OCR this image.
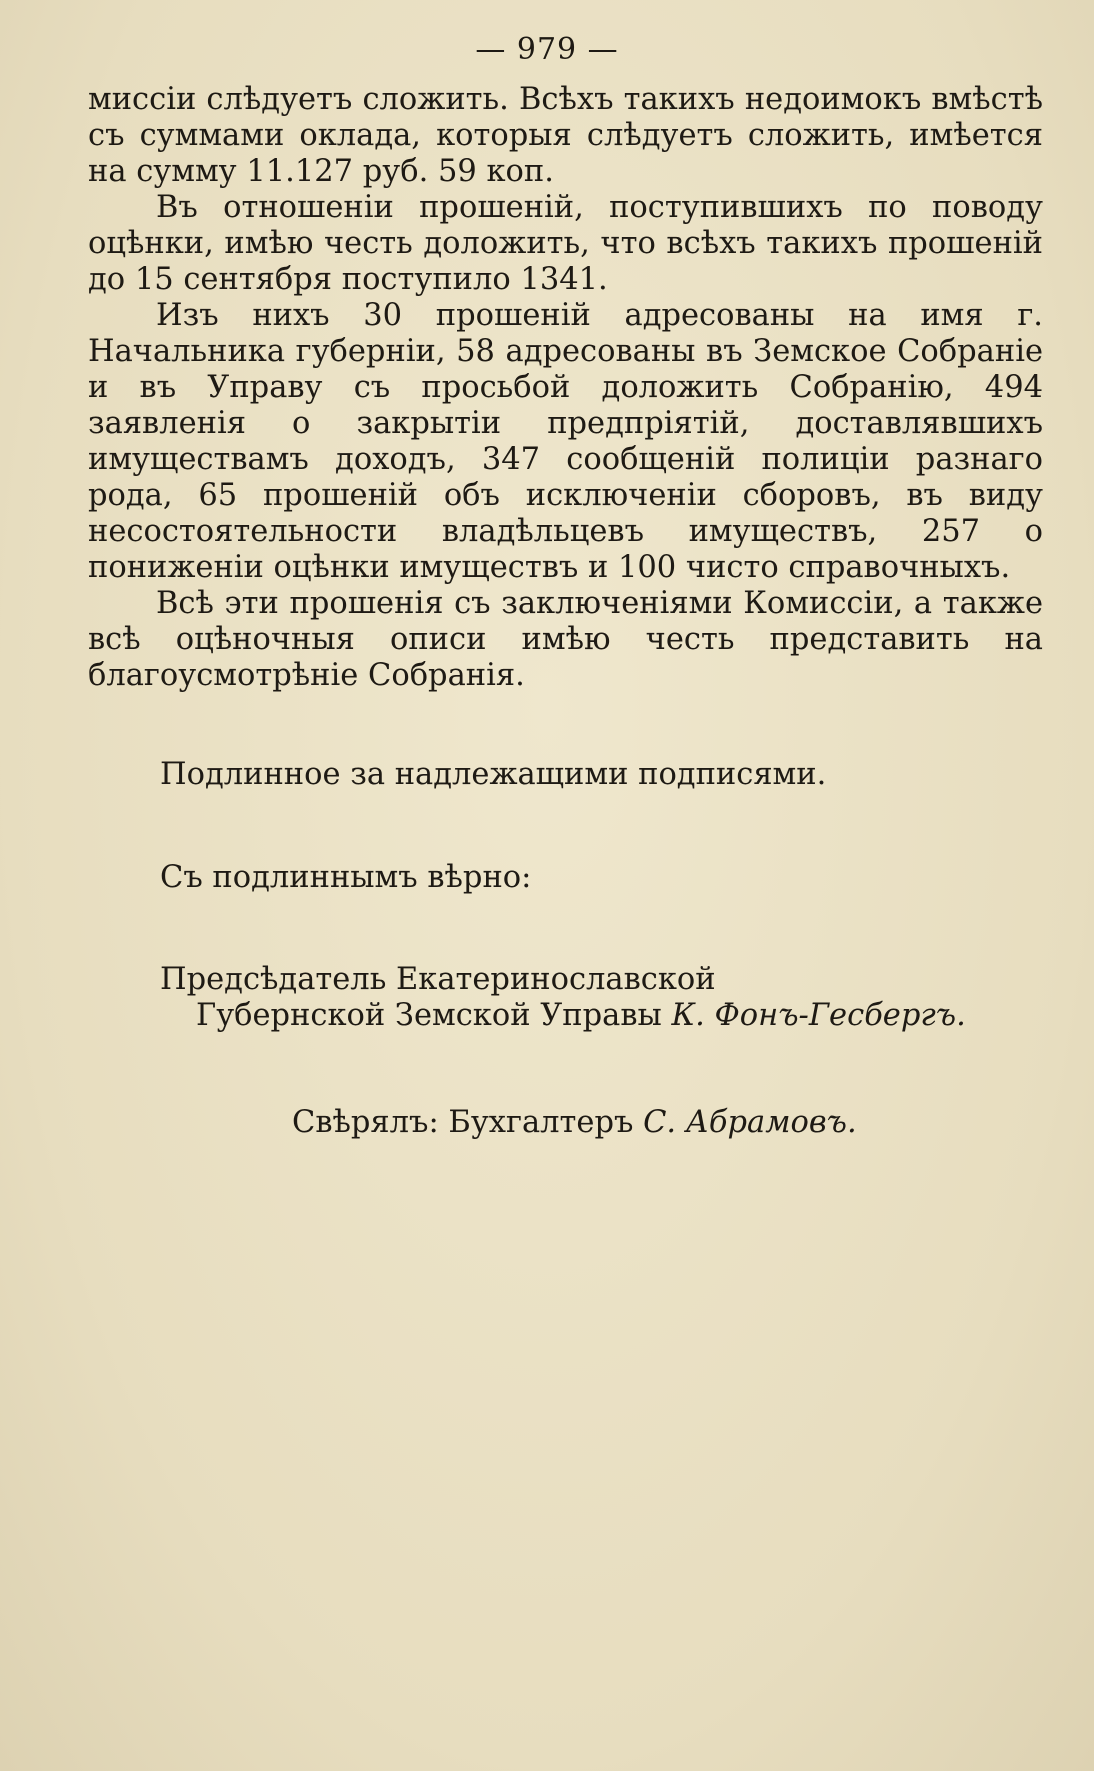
— 979 —

миссіи слѣдуетъ сложить. Всѣхъ такихъ недоимокъ вмѣстѣ съ суммами оклада, которыя слѣдуетъ сложить, имѣется на сумму 11.127 руб. 59 коп.

Въ отношеніи прошеній, поступившихъ по поводу оцѣнки, имѣю честь доложить, что всѣхъ такихъ прошеній до 15 сентября поступило 1341.

Изъ нихъ 30 прошеній адресованы на имя г. Начальника губерніи, 58 адресованы въ Земское Собраніе и въ Управу съ просьбой доложить Собранію, 494 заявленія о закрытіи предпріятій, доставлявшихъ имуществамъ доходъ, 347 сообщеній полиціи разнаго рода, 65 прошеній объ исключеніи сборовъ, въ виду несостоятельности владѣльцевъ имуществъ, 257 о пониженіи оцѣнки имуществъ и 100 чисто справочныхъ.

Всѣ эти прошенія съ заключеніями Комиссіи, а также всѣ оцѣночныя описи имѣю честь представить на благоусмотрѣніе Собранія.

Подлинное за надлежащими подписями.
Съ подлиннымъ вѣрно:
Предсѣдатель Екатеринославской
Губернской Земской Управы К. Фонъ-Гесбергъ.
Свѣрялъ: Бухгалтеръ С. Абрамовъ.
